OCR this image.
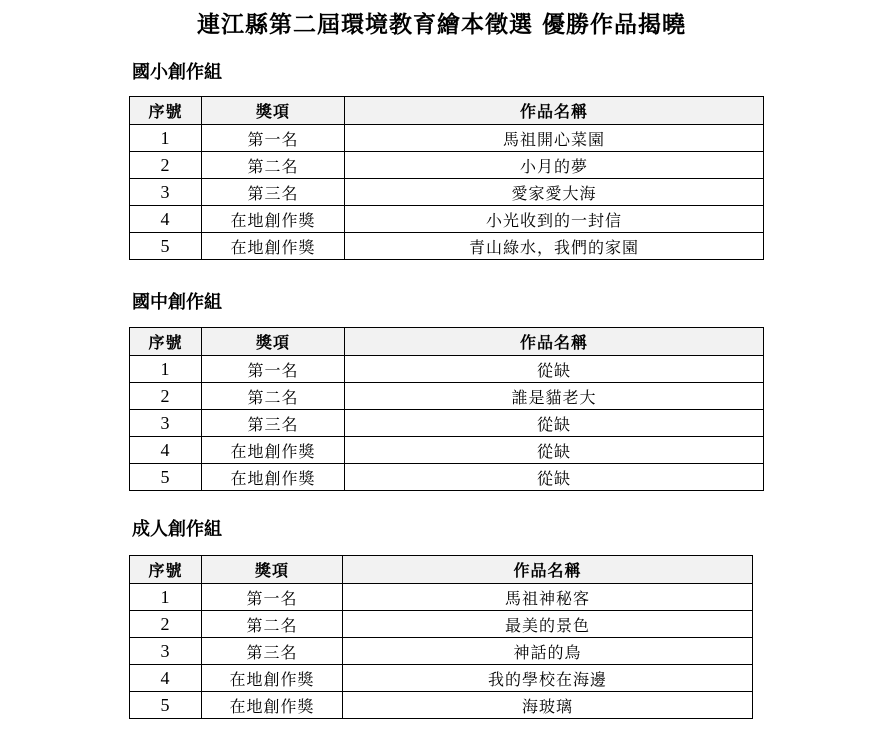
連江縣第二屆環境教育繪本徵選 優勝作品揭曉
國小創作組
序號	獎項	作品名稱
1	第一名	馬祖開心菜園
2	第二名	小月的夢
3	第三名	愛家愛大海
4	在地創作獎	小光收到的一封信
5	在地創作獎	青山綠水，我們的家園
國中創作組
序號	獎項	作品名稱
1	第一名	從缺
2	第二名	誰是貓老大
3	第三名	從缺
4	在地創作獎	從缺
5	在地創作獎	從缺
成人創作組
序號	獎項	作品名稱
1	第一名	馬祖神秘客
2	第二名	最美的景色
3	第三名	神話的鳥
4	在地創作獎	我的學校在海邊
5	在地創作獎	海玻璃
